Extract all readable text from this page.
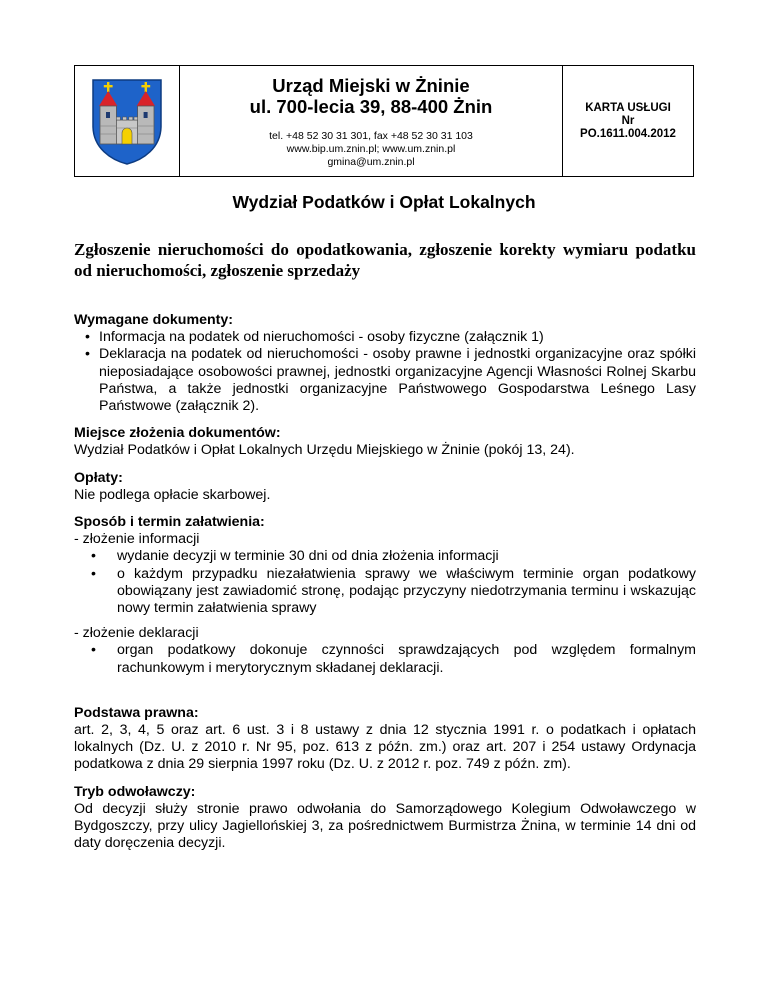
Urząd Miejski w Żninie
ul. 700-lecia 39, 88-400 Żnin
tel. +48 52 30 31 301, fax +48 52 30 31 103
www.bip.um.znin.pl; www.um.znin.pl
gmina@um.znin.pl
KARTA USŁUGI
Nr
PO.1611.004.2012
Wydział Podatków i Opłat Lokalnych
Zgłoszenie nieruchomości do opodatkowania, zgłoszenie korekty wymiaru podatku od nieruchomości, zgłoszenie sprzedaży
Wymagane dokumenty:
• Informacja na podatek od nieruchomości - osoby fizyczne (załącznik 1)
• Deklaracja na podatek od nieruchomości - osoby prawne i jednostki organizacyjne oraz spółki nieposiadające osobowości prawnej, jednostki organizacyjne Agencji Własności Rolnej Skarbu Państwa, a także jednostki organizacyjne Państwowego Gospodarstwa Leśnego Lasy Państwowe (załącznik 2).
Miejsce złożenia dokumentów:
Wydział Podatków i Opłat Lokalnych Urzędu Miejskiego w Żninie (pokój 13, 24).
Opłaty:
Nie podlega opłacie skarbowej.
Sposób i termin załatwienia:
- złożenie informacji
• wydanie decyzji w terminie 30 dni od dnia złożenia informacji
• o każdym przypadku niezałatwienia sprawy we właściwym terminie organ podatkowy obowiązany jest zawiadomić stronę, podając przyczyny niedotrzymania terminu i wskazując nowy termin załatwienia sprawy
- złożenie deklaracji
• organ podatkowy dokonuje czynności sprawdzających pod względem formalnym rachunkowym i merytorycznym składanej deklaracji.
Podstawa prawna:

art. 2, 3, 4, 5 oraz art. 6 ust. 3 i 8 ustawy z dnia 12 stycznia 1991 r. o podatkach i opłatach lokalnych (Dz. U. z 2010 r. Nr 95, poz. 613 z późn. zm.) oraz art. 207 i 254 ustawy Ordynacja podatkowa z dnia 29 sierpnia 1997 roku (Dz. U. z 2012 r. poz. 749 z późn. zm).

Tryb odwoławczy:

Od decyzji służy stronie prawo odwołania do Samorządowego Kolegium Odwoławczego w Bydgoszczy, przy ulicy Jagiellońskiej 3, za pośrednictwem Burmistrza Żnina, w terminie 14 dni od daty doręczenia decyzji.
